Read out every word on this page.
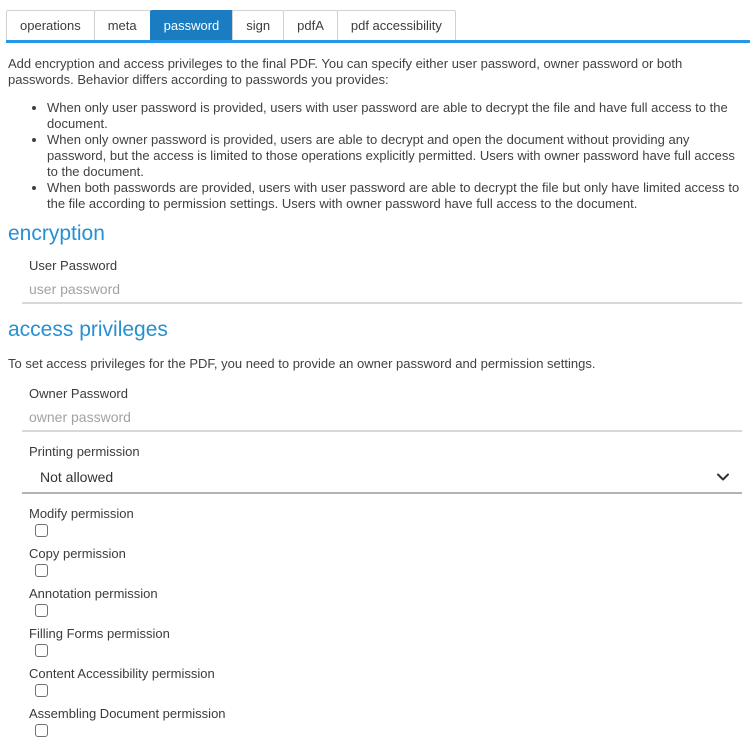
operations	meta	password	sign	pdfA	pdf accessibility

Add encryption and access privileges to the final PDF. You can specify either user password, owner password or both passwords. Behavior differs according to passwords you provides:

• When only user password is provided, users with user password are able to decrypt the file and have full access to the document.
• When only owner password is provided, users are able to decrypt and open the document without providing any password, but the access is limited to those operations explicitly permitted. Users with owner password have full access to the document.
• When both passwords are provided, users with user password are able to decrypt the file but only have limited access to the file according to permission settings. Users with owner password have full access to the document.
encryption
User Password
user password
access privileges

To set access privileges for the PDF, you need to provide an owner password and permission settings.

Owner Password
owner password
Printing permission
Not allowed
Modify permission
Copy permission
Annotation permission
Filling Forms permission
Content Accessibility permission
Assembling Document permission
